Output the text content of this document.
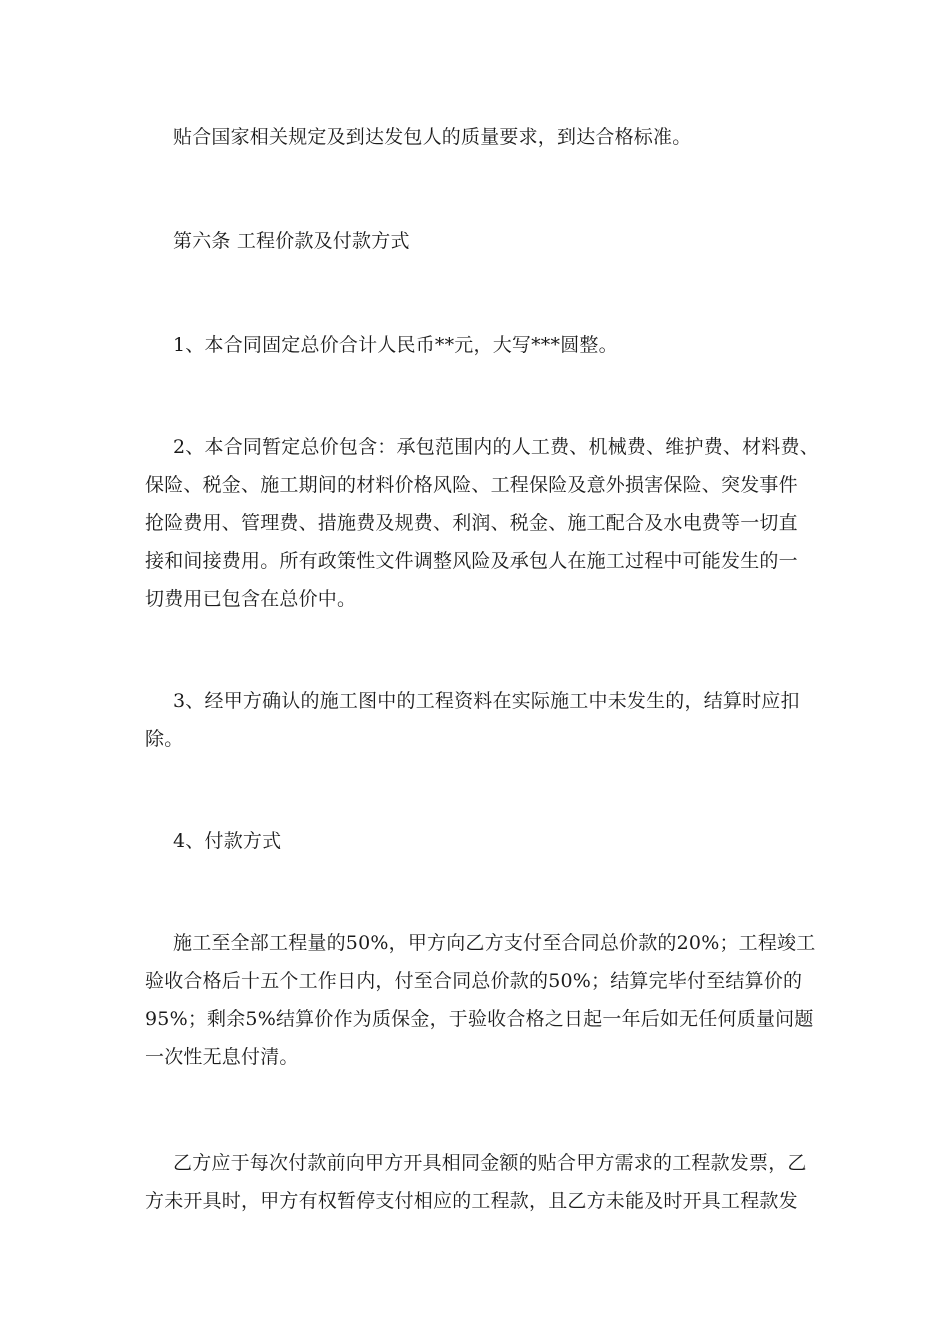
贴合国家相关规定及到达发包人的质量要求，到达合格标准。
第六条 工程价款及付款方式
1、本合同固定总价合计人民币**元，大写***圆整。
2、本合同暂定总价包含：承包范围内的人工费、机械费、维护费、材料费、
保险、税金、施工期间的材料价格风险、工程保险及意外损害保险、突发事件
抢险费用、管理费、措施费及规费、利润、税金、施工配合及水电费等一切直
接和间接费用。所有政策性文件调整风险及承包人在施工过程中可能发生的一
切费用已包含在总价中。
3、经甲方确认的施工图中的工程资料在实际施工中未发生的，结算时应扣
除。
4、付款方式
施工至全部工程量的50%，甲方向乙方支付至合同总价款的20%；工程竣工
验收合格后十五个工作日内，付至合同总价款的50%；结算完毕付至结算价的
95%；剩余5%结算价作为质保金，于验收合格之日起一年后如无任何质量问题
一次性无息付清。
乙方应于每次付款前向甲方开具相同金额的贴合甲方需求的工程款发票，乙
方未开具时，甲方有权暂停支付相应的工程款，且乙方未能及时开具工程款发
